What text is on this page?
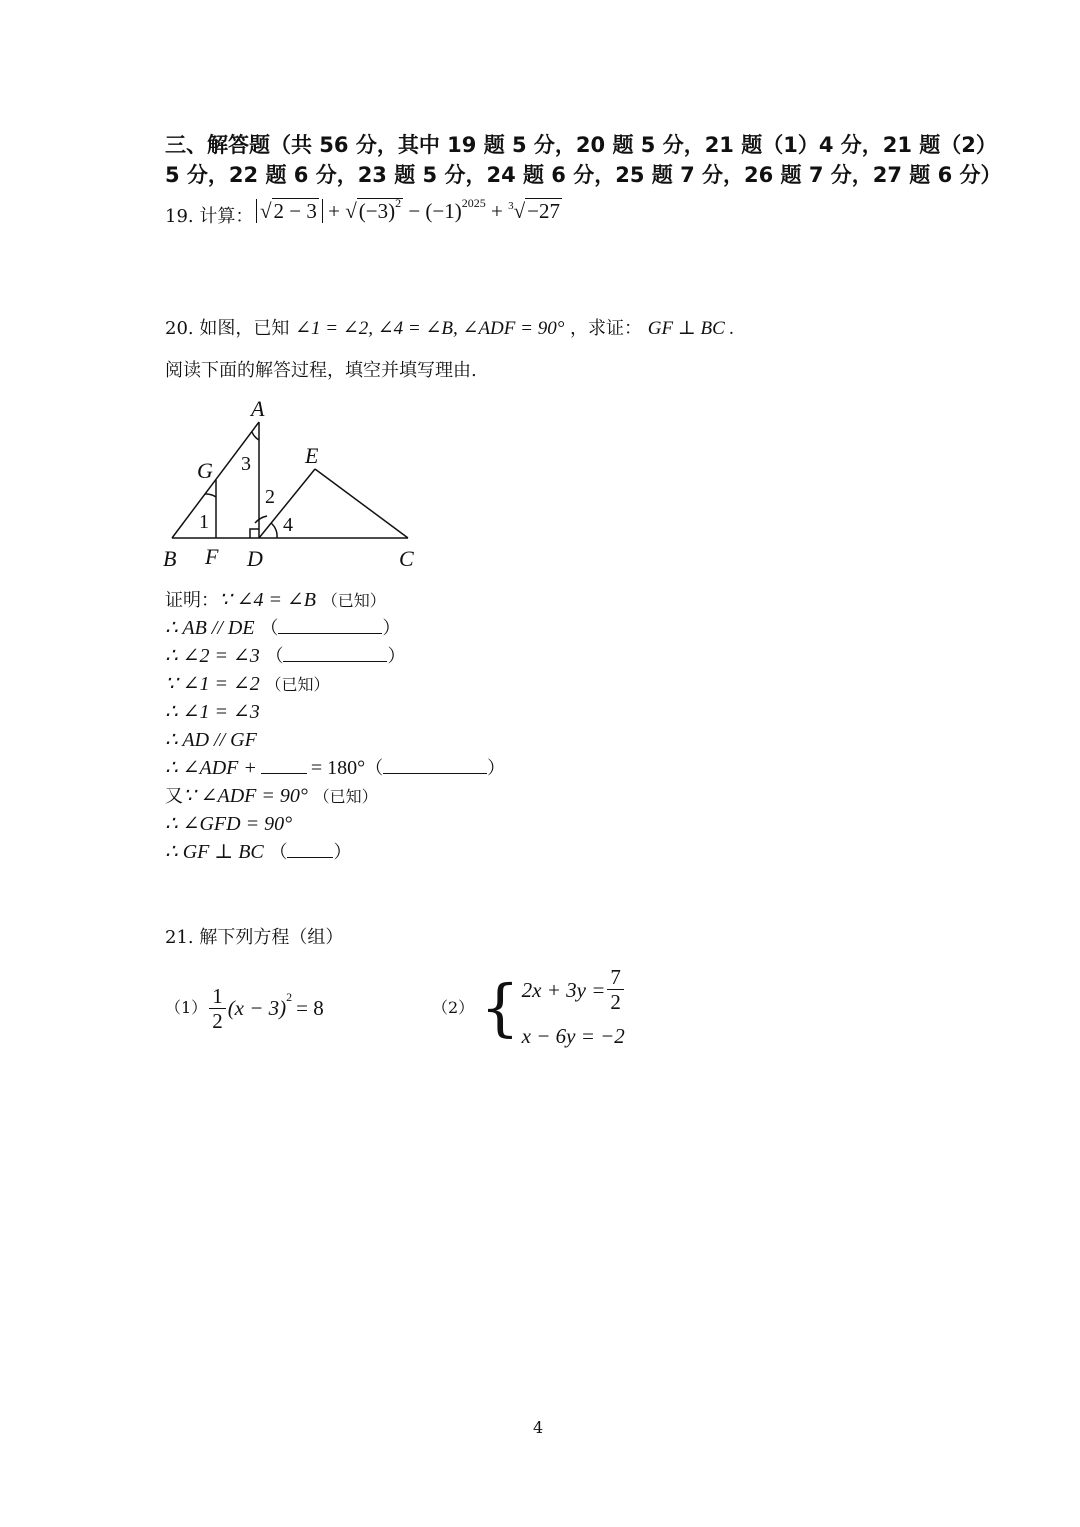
三、解答题（共 56 分，其中 19 题 5 分，20 题 5 分，21 题（1）4 分，21 题（2）
5 分，22 题 6 分，23 题 5 分，24 题 6 分，25 题 7 分，26 题 7 分，27 题 6 分）
19. 计算： $√2 - 3 + √(-3)^2 - (-1)^{2025} + ^3√-27$
20. 如图，已知 ∠1 = ∠2, ∠4 = ∠B, ∠ADF = 90° ，求证： GF ⊥ BC .
阅读下面的解答过程，填空并填写理由.
A
B	C
D
E
F
G
1
2
3
4
证明：∵ ∠4 = ∠B （已知）
∴ AB // DE （	）
∴ ∠2 = ∠3 （	）
∵ ∠1 = ∠2 （已知）
∴ ∠1 = ∠3
∴ AD // GF
∴ ∠ADF +	= 180°（	）
又∵ ∠ADF = 90° （已知）
∴ ∠GFD = 90°
∴ GF ⊥ BC （	）
21. 解下列方程（组）
$(1) \frac{1}{2} (x - 3) 2 = 8$	（2） { $2x + 3y = \frac{7}{2}$
x − 6y = −2
4
